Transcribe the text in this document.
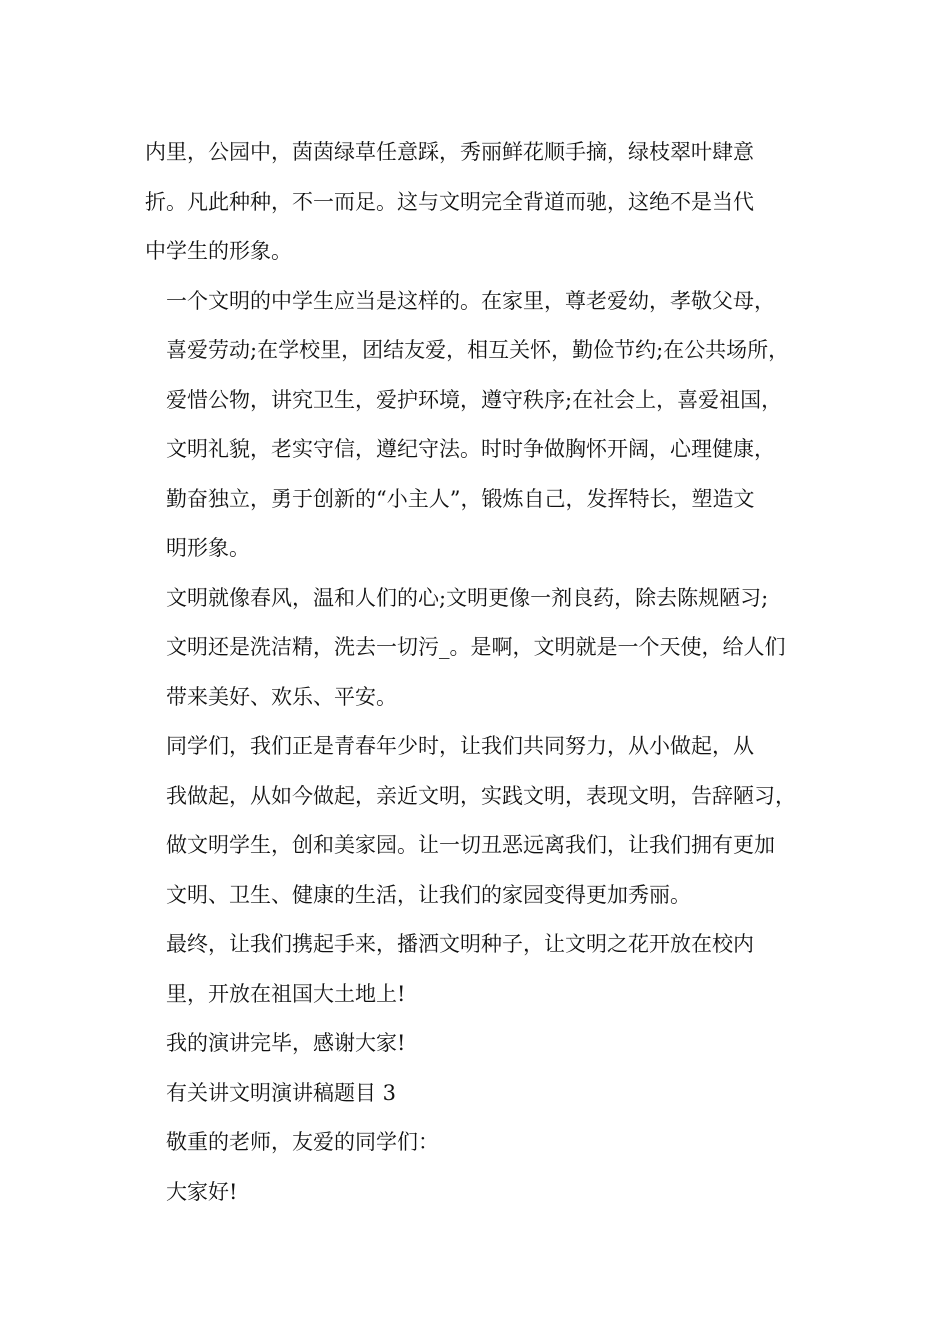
内里，公园中，茵茵绿草任意踩，秀丽鲜花顺手摘，绿枝翠叶肆意
折。凡此种种，不一而足。这与文明完全背道而驰，这绝不是当代
中学生的形象。

一个文明的中学生应当是这样的。在家里，尊老爱幼，孝敬父母，
喜爱劳动;在学校里，团结友爱，相互关怀，勤俭节约;在公共场所，
爱惜公物，讲究卫生，爱护环境，遵守秩序;在社会上，喜爱祖国，
文明礼貌，老实守信，遵纪守法。时时争做胸怀开阔，心理健康，
勤奋独立，勇于创新的“小主人”，锻炼自己，发挥特长，塑造文
明形象。

文明就像春风，温和人们的心;文明更像一剂良药，除去陈规陋习;
文明还是洗洁精，洗去一切污_。是啊，文明就是一个天使，给人们
带来美好、欢乐、平安。

同学们，我们正是青春年少时，让我们共同努力，从小做起，从
我做起，从如今做起，亲近文明，实践文明，表现文明，告辞陋习，
做文明学生，创和美家园。让一切丑恶远离我们，让我们拥有更加
文明、卫生、健康的生活，让我们的家园变得更加秀丽。

最终，让我们携起手来，播洒文明种子，让文明之花开放在校内
里，开放在祖国大土地上!

我的演讲完毕，感谢大家!

有关讲文明演讲稿题目 3

敬重的老师，友爱的同学们：

大家好!
